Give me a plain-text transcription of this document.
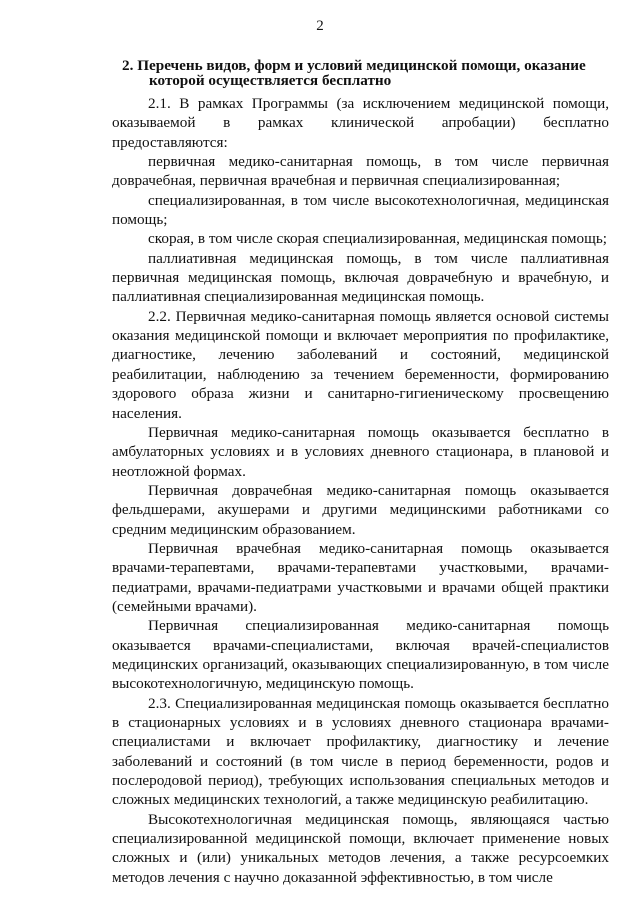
2
2. Перечень видов, форм и условий медицинской помощи, оказание которой осуществляется бесплатно

2.1. В рамках Программы (за исключением медицинской помощи, оказываемой в рамках клинической апробации) бесплатно предоставляются:

первичная медико-санитарная помощь, в том числе первичная доврачебная, первичная врачебная и первичная специализированная;

специализированная, в том числе высокотехнологичная, медицинская помощь;

скорая, в том числе скорая специализированная, медицинская помощь;

паллиативная медицинская помощь, в том числе паллиативная первичная медицинская помощь, включая доврачебную и врачебную, и паллиативная специализированная медицинская помощь.

2.2. Первичная медико-санитарная помощь является основой системы оказания медицинской помощи и включает мероприятия по профилактике, диагностике, лечению заболеваний и состояний, медицинской реабилитации, наблюдению за течением беременности, формированию здорового образа жизни и санитарно-гигиеническому просвещению населения.

Первичная медико-санитарная помощь оказывается бесплатно в амбулаторных условиях и в условиях дневного стационара, в плановой и неотложной формах.

Первичная доврачебная медико-санитарная помощь оказывается фельдшерами, акушерами и другими медицинскими работниками со средним медицинским образованием.

Первичная врачебная медико-санитарная помощь оказывается врачами-терапевтами, врачами-терапевтами участковыми, врачами-педиатрами, врачами-педиатрами участковыми и врачами общей практики (семейными врачами).

Первичная специализированная медико-санитарная помощь оказывается врачами-специалистами, включая врачей-специалистов медицинских организаций, оказывающих специализированную, в том числе высокотехнологичную, медицинскую помощь.

2.3. Специализированная медицинская помощь оказывается бесплатно в стационарных условиях и в условиях дневного стационара врачами-специалистами и включает профилактику, диагностику и лечение заболеваний и состояний (в том числе в период беременности, родов и послеродовой период), требующих использования специальных методов и сложных медицинских технологий, а также медицинскую реабилитацию.

Высокотехнологичная медицинская помощь, являющаяся частью специализированной медицинской помощи, включает применение новых сложных и (или) уникальных методов лечения, а также ресурсоемких методов лечения с научно доказанной эффективностью, в том числе
